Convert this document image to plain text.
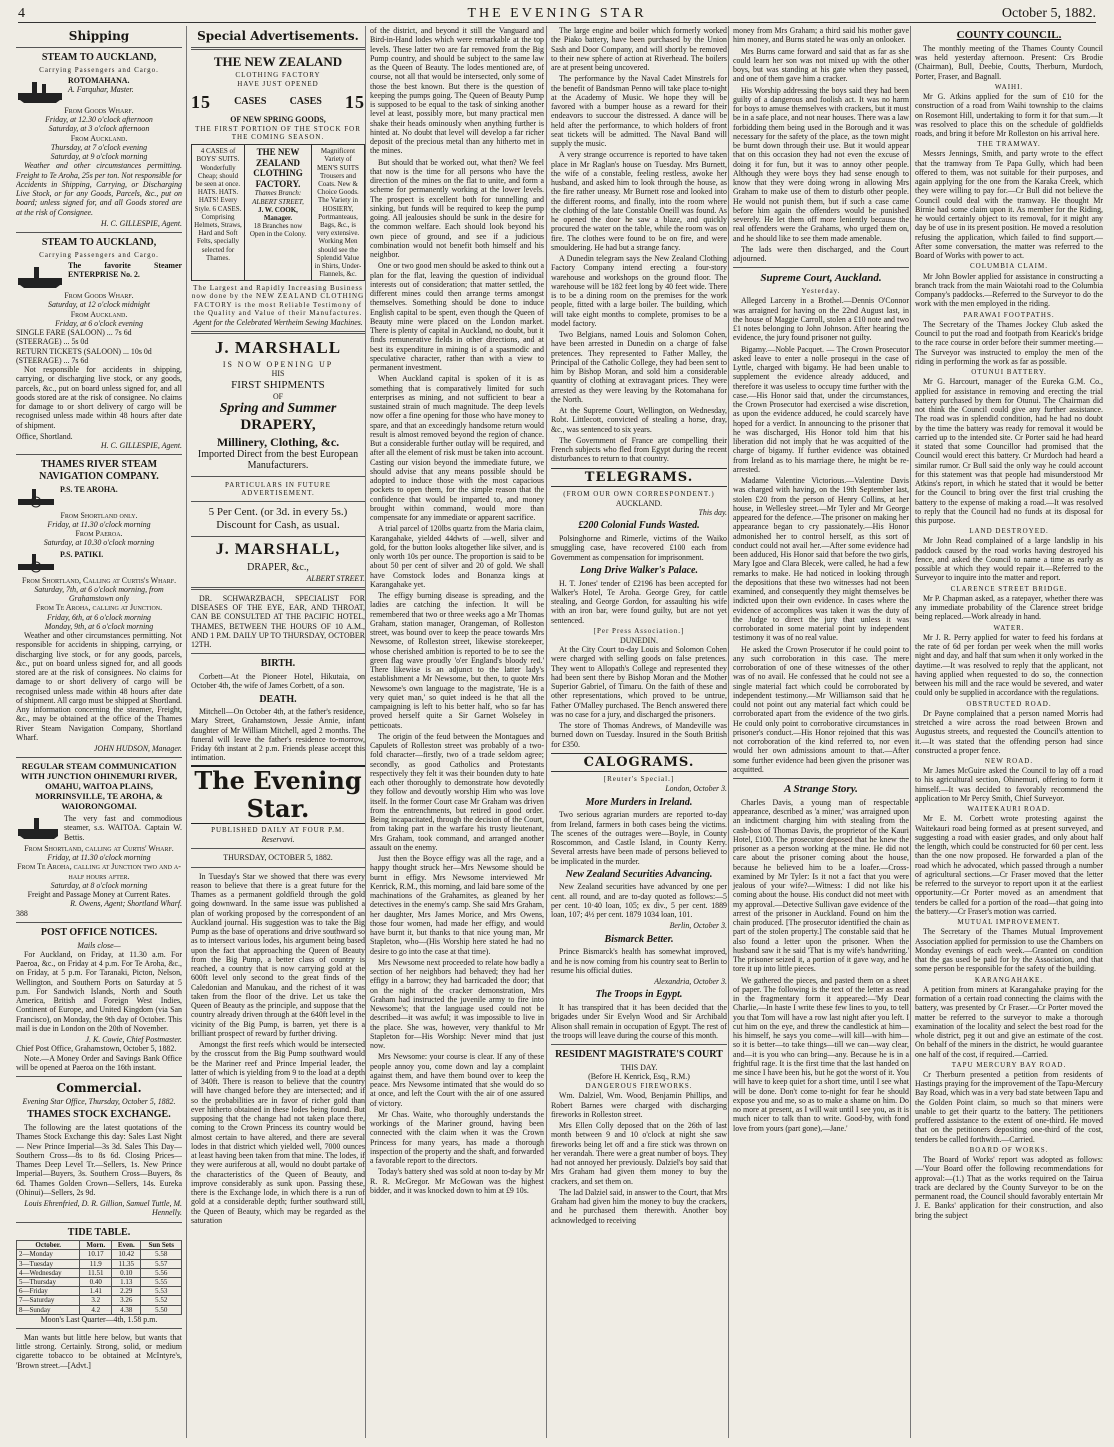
4	THE EVENING STAR	October 5, 1882.
Shipping
STEAM TO AUCKLAND,
Carrying Passengers and Cargo.
ROTOMAHANA.
A. Farquhar, Master.
From Goods Wharf.
Friday, at 12.30 o'clock afternoon
Saturday, at 3 o'clock afternoon
From Auckland.
Thursday, at 7 o'clock evening
Saturday, at 9 o'clock morning

Weather and other circumstances permitting. Freight to Te Aroha, 25s per ton. Not responsible for Accidents in Shipping, Carrying, or Discharging Live Stock, or for any Goods, Parcels, &c., put on board; unless signed for, and all Goods stored are at the risk of Consignee.

H. C. GILLESPIE, Agent.
STEAM TO AUCKLAND,
Carrying Passengers and Cargo.
The favorite Steamer ENTERPRISE No. 2.
From Goods Wharf.
Saturday, at 12 o'clock midnight
From Auckland.
Friday, at 6 o'clock evening
SINGLE FARE (SALOON) ... 7s 6d
(STEERAGE) ... 5s 0d
RETURN TICKETS (SALOON) ... 10s 0d
(STEERAGE) ... 7s 6d

Not responsible for accidents in shipping, carrying, or discharging live stock, or any goods, parcels, &c., put on board unless signed for, and all goods stored are at the risk of consignee. No claims for damage to or short delivery of cargo will be recognised unless made within 48 hours after date of shipment.

Office, Shortland.
H. C. GILLESPIE, Agent.
THAMES RIVER STEAM NAVIGATION COMPANY.
P.S. TE AROHA.
From Shortland only.
Friday, at 11.30 o'clock morning
From Paeroa.
Saturday, at 10.30 o'clock morning
P.S. PATIKI.
From Shortland, Calling at Curtis's Wharf.
Saturday, 7th, at 6 o'clock morning, from Grahamstown only
From Te Aroha, calling at Junction.
Friday, 6th, at 6 o'clock morning
Monday, 9th, at 6 o'clock morning

Weather and other circumstances permitting. Not responsible for accidents in shipping, carrying, or discharging live stock, or for any goods, parcels, &c., put on board unless signed for, and all goods stored are at the risk of consignees. No claims for damage to or short delivery of cargo will be recognised unless made within 48 hours after date of shipment. All cargo must be shipped at Shortland. Any information concerning the steamer, Freight, &c., may be obtained at the office of the Thames River Steam Navigation Company, Shortland Wharf.

JOHN HUDSON, Manager.
REGULAR STEAM COMMUNICATION WITH JUNCTION OHINEMURI RIVER, OMAHU, WAITOA PLAINS, MORRINSVILLE, TE AROHA, & WAIORONGOMAI.
The very fast and commodious steamer, s.s. WAITOA. Captain W. Bettis.
From Shortland, calling at Curtis' Wharf.
Friday, at 11.30 o'clock morning
From Te Aroha, calling at Junction two and a-half hours after.
Saturday, at 8 o'clock morning
Freight and Passage Money at Current Rates.
R. Owens, Agent; Shortland Wharf.
388
POST OFFICE NOTICES.
Mails close—

For Auckland, on Friday, at 11.30 a.m. For Paeroa, &c., on Friday at 4 p.m. For Te Aroha, &c., on Friday, at 5 p.m. For Taranaki, Picton, Nelson, Wellington, and Southern Ports on Saturday at 5 p.m. For Sandwich Islands, North and South America, British and Foreign West Indies, Continent of Europe, and United Kingdom (via San Francisco), on Monday, the 9th day of October. This mail is due in London on the 20th of November.

J. K. Cowie, Chief Postmaster.
Chief Post Office, Grahamstown, October 5, 1882.

Note.—A Money Order and Savings Bank Office will be opened at Paeroa on the 16th instant.

Commercial.
Evening Star Office, Thursday, October 5, 1882.
THAMES STOCK EXCHANGE.

The following are the latest quotations of the Thames Stock Exchange this day: Sales Last Night— New Prince Imperial—3s 3d. Sales This Day— Southern Cross—8s to 8s 6d. Closing Prices— Thames Deep Level Tr.—Sellers, 1s. New Prince Imperial—Buyers, 3s. Southern Cross—Buyers, 8s 6d. Thames Golden Crown—Sellers, 14s. Eureka (Ohinui)—Sellers, 2s 9d.

Louis Ehrenfried, D. R. Gillion, Samuel Tuttle, M. Hennelly.
TIDE TABLE.
October.	Morn.	Even.	Sun Sets
2—Monday	10.17	10.42	5.58
3—Tuesday	11.9	11.35	5.57
4—Wednesday	11.51	0.10	5.56
5—Thursday	0.40	1.13	5.55
6—Friday	1.41	2.29	5.53
7—Saturday	3.2	3.26	5.52
8—Sunday	4.2	4.38	5.50
Moon's Last Quarter—4th, 1.58 p.m.

Man wants but little here below, but wants that little strong. Certainly. Strong, solid, or medium cigarette tobacco to be obtained at McIntyre's, 'Brown street.—[Advt.]

Special Advertisements.
THE NEW ZEALAND
CLOTHING FACTORY
HAVE JUST OPENED
15 CASES CASES 15
OF NEW SPRING GOODS,
THE FIRST PORTION OF THE STOCK FOR THE COMING SEASON.
4 CASES of BOYS' SUITS. Wonderfully Cheap; should be seen at once. HATS. HATS. HATS! Every Style. 6 CASES. Comprising Helmets, Straws, Hard and Soft Felts, specially selected for Thames.
THE NEW ZEALAND CLOTHING FACTORY.
Thames Branch: ALBERT STREET,
J. W. COOK, Manager.
18 Branches now Open in the Colony.
Magnificent Variety of MEN'S SUITS Trousers and Coats. New & Choice Goods. The Variety in HOSIERY, Portmanteaus, Bags, &c., is very extensive. Working Men should see the Splendid Value in Shirts, Under-Flannels, &c.
The Largest and Rapidly Increasing Business now done by the NEW ZEALAND CLOTHING FACTORY is the most Reliable Testimony of the Quality and Value of their Manufactures.
Agent for the Celebrated Wertheim Sewing Machines.
J. MARSHALL
IS NOW OPENING UP
HIS
FIRST SHIPMENTS
OF
Spring and Summer
DRAPERY,
Millinery, Clothing, &c.
Imported Direct from the best European Manufacturers.
PARTICULARS IN FUTURE ADVERTISEMENT.
5 Per Cent. (or 3d. in every 5s.) Discount for Cash, as usual.
J. MARSHALL,
DRAPER, &c.,
ALBERT STREET.

DR. SCHWARZBACH, SPECIALIST FOR DISEASES OF THE EYE, EAR, AND THROAT, CAN BE CONSULTED AT THE PACIFIC HOTEL, THAMES, BETWEEN THE HOURS OF 10 A.M., AND 1 P.M. DAILY UP TO THURSDAY, OCTOBER 12TH.

BIRTH.

Corbett—At the Pioneer Hotel, Hikutaia, on October 4th, the wife of James Corbett, of a son.

DEATH.

Mitchell—On October 4th, at the father's residence, Mary Street, Grahamstown, Jessie Annie, infant daughter of Mr William Mitchell, aged 2 months. The funeral will leave the father's residence to-morrow, Friday 6th instant at 2 p.m. Friends please accept this intimation.

The Evening Star.
PUBLISHED DAILY AT FOUR P.M.
Reservavi.
THURSDAY, OCTOBER 5, 1882.

In Tuesday's Star we showed that there was every reason to believe that there is a great future for the Thames as a permanent goldfield through the gold going downward. In the same issue was published a plan of working proposed by the correspondent of an Auckland journal. His suggestion was to take the Big Pump as the base of operations and drive southward so as to intersect various lodes, his argument being based upon the fact that approaching the Queen of Beauty from the Big Pump, a better class of country is reached, a country that is now carrying gold at the 600ft level only second to the great finds of the Caledonian and Manukau, and the richest of it was taken from the floor of the drive. Let us take the Queen of Beauty as the principle, and suppose that the country already driven through at the 640ft level in the vicinity of the Big Pump, is barren, yet there is a brilliant prospect of reward by further driving.

Amongst the first reefs which would be intersected by the crosscut from the Big Pump southward would be the Mariner reef and Prince Imperial leader, the latter of which is yielding from 9 to the load at a depth of 340ft. There is reason to believe that the country will have changed before they are intersected; and if so the probabilities are in favor of richer gold than ever hitherto obtained in these lodes being found. But supposing that the change had not taken place there, coming to the Crown Princess its country would be almost certain to have altered, and there are several lodes in that district which yielded well, 7000 ounces at least having been taken from that mine. The lodes, if they were auriferous at all, would no doubt partake of the characteristics of the Queen of Beauty, and improve considerably as sunk upon. Passing these, there is the Exchange lode, in which there is a run of gold at a considerable depth; further southward still, the Queen of Beauty, which may be regarded as the saturation

of the district, and beyond it still the Vanguard and Bird-in-Hand lodes which were remarkable at the top levels. These latter two are far removed from the Big Pump country, and should be subject to the same law as the Queen of Beauty. The lodes mentioned are, of course, not all that would be intersected, only some of those the best known. But there is the question of keeping the pumps going. The Queen of Beauty Pump is supposed to be equal to the task of sinking another level at least, possibly more, but many practical men shake their heads ominously when anything further is hinted at. No doubt that level will develop a far richer deposit of the precious metal than any hitherto met in the mines.

But should that be worked out, what then? We feel that now is the time for all persons who have the direction of the mines on the flat to unite, and form a scheme for permanently working at the lower levels. The prospect is excellent both for tunnelling and sinking, but funds will be required to keep the pump going. All jealousies should be sunk in the desire for the common welfare. Each should look beyond his own piece of ground, and see if a judicious combination would not benefit both himself and his neighbor.

One or two good men should be asked to think out a plan for the flat, leaving the question of individual interests out of consideration; that matter settled, the different mines could then arrange terms amongst themselves. Something should be done to induce English capital to be spent, even though the Queen of Beauty mine were placed on the London market. There is plenty of capital in Auckland, no doubt, but it finds remunerative fields in other directions, and at best its expenditure in mining is of a spasmodic and speculative character, rather than with a view to permanent investment.

When Auckland capital is spoken of it is as something that is comparatively limited for such enterprises as mining, and not sufficient to bear a sustained strain of much magnitude. The deep levels now offer a fine opening for those who have money to spare, and that an exceedingly handsome return would result is almost removed beyond the region of chance. But a considerable further outlay will be required, and after all the element of risk must be taken into account. Casting our vision beyond the immediate future, we should advise that any means possible should be adopted to induce those with the most capacious pockets to open them, for the simple reason that the confidence that would be imparted to, and money brought within command, would more than compensate for any immediate or apparent sacrifice.

A trial parcel of 120lbs quartz from the Maria claim, Karangahake, yielded 44dwts of —well, silver and gold, for the button looks altogether like silver, and is only worth 10s per ounce. The proportion is said to be about 50 per cent of silver and 20 of gold. We shall have Comstock lodes and Bonanza kings at Karangahake yet.

The effigy burning disease is spreading, and the ladies are catching the infection. It will be remembered that two or three weeks ago a Mr Thomas Graham, station manager, Orangeman, of Rolleston street, was bound over to keep the peace towards Mrs Newsome, of Rolleston street, likewise storekeeper, whose cherished ambition is reported to be to see the green flag wave proudly 'o'er England's bloody red.' There likewise is an adjunct to the latter lady's establishment a Mr Newsome, but then, to quote Mrs Newsome's own language to the magistrate, 'He is a very quiet man,' so quiet indeed is he that all the campaigning is left to his better half, who so far has proved herself quite a Sir Garnet Wolseley in petticoats.

The origin of the feud between the Montagues and Capulets of Rolleston street was probably of a two-fold character—firstly, two of a trade seldom agree; secondly, as good Catholics and Protestants respectively they felt it was their bounden duty to hate each other thoroughly to demonstrate how devotedly they follow and devoutly worship Him who was love itself. In the former Court case Mr Graham was driven from the entrenchments, but retired in good order. Being incapacitated, through the decision of the Court, from taking part in the warfare his trusty lieutenant, Mrs Graham, took command, and arranged another assault on the enemy.

Just then the Boyce effigy was all the rage, and a happy thought struck her—Mrs Newsome should be burnt in effigy. Mrs Newsome interviewed Mr Kenrick, R.M., this morning, and laid bare some of the machinations of the Grahamites, as gleaned by her detectives in the enemy's camp. She said Mrs Graham, her daughter, Mrs James Morice, and Mrs Owens, those four women, had made her effigy, and would have burnt it, but thanks to that nice young man, Mr Stapleton, who—(His Worship here stated he had no desire to go into the case at that time).

Mrs Newsome next proceeded to relate how badly a section of her neighbors had behaved; they had her effigy in a barrow; they had barricaded the door; that on the night of the cracker demonstration, Mrs Graham had instructed the juvenile army to fire into Newsome's; that the language used could not be described—it was awful; it was impossible to live in the place. She was, however, very thankful to Mr Stapleton for—His Worship: Never mind that just now.

Mrs Newsome: your course is clear. If any of these people annoy you, come down and lay a complaint against them, and have them bound over to keep the peace. Mrs Newsome intimated that she would do so at once, and left the Court with the air of one assured of victory.

Mr Chas. Waite, who thoroughly understands the workings of the Mariner ground, having been connected with the claim when it was the Crown Princess for many years, has made a thorough inspection of the property and the shaft, and forwarded a favorable report to the directors.

Today's battery shed was sold at noon to-day by Mr R. R. McGregor. Mr McGowan was the highest bidder, and it was knocked down to him at £9 10s.

The large engine and boiler which formerly worked the Piako battery, have been purchased by the Union Sash and Door Company, and will shortly be removed to their new sphere of action at Riverhead. The boilers are at present being uncovered.

The performance by the Naval Cadet Minstrels for the benefit of Bandsman Penno will take place to-night at the Academy of Music. We hope they will be favored with a bumper house as a reward for their endeavors to succour the distressed. A dance will be held after the performance, to which holders of front seat tickets will be admitted. The Naval Band will supply the music.

A very strange occurrence is reported to have taken place in Mr Raglan's house on Tuesday. Mrs Burnett, the wife of a constable, feeling restless, awoke her husband, and asked him to look through the house, as the fire rather uneasy. Mr Burnett rose and looked into the different rooms, and finally, into the room where the clothing of the late Constable Oneill was found. As he opened the door he saw a blaze, and quickly procured the water on the table, while the room was on fire. The clothes were found to be on fire, and were smouldering. He had but a strange fancy.

A Dunedin telegram says the New Zealand Clothing Factory Company intend erecting a four-story warehouse and workshops on the ground floor. The warehouse will be 182 feet long by 40 feet wide. There is to be a dining room on the premises for the work people, fitted with a large boiler. The building, which will take eight months to complete, promises to be a model factory.

Two Belgians, named Louis and Solomon Cohen, have been arrested in Dunedin on a charge of false pretences. They represented to Father Malley, the Principal of the Catholic College, they had been sent to him by Bishop Moran, and sold him a considerable quantity of clothing at extravagant prices. They were arrested as they were leaving by the Rotomahana for the North.

At the Supreme Court, Wellington, on Wednesday, Robt. Littlecott, convicted of stealing a horse, dray, &c., was sentenced to six years.

The Government of France are compelling their French subjects who fled from Egypt during the recent disturbances to return to that country.

TELEGRAMS.
(FROM OUR OWN CORRESPONDENT.)
AUCKLAND.
This day.
£200 Colonial Funds Wasted.

Polsinghorne and Rimerle, victims of the Waiko smuggling case, have recovered £100 each from Government as compensation for imprisonment.

Long Drive Walker's Palace.

H. T. Jones' tender of £2196 has been accepted for Walker's Hotel, Te Aroha. George Grey, for cattle stealing, and George Gordon, for assaulting his wife with an iron bar, were found guilty, but are not yet sentenced.

[Per Press Association.]
DUNEDIN.

At the City Court to-day Louis and Solomon Cohen were charged with selling goods on false pretences. They went to Allopath's College and represented they had been sent there by Bishop Moran and the Mother Superior Gabriel, of Timaru. On the faith of these and other representations, which proved to be untrue, Father O'Malley purchased. The Bench answered there was no case for a jury, and discharged the prisoners.

The store of Thomas Andrews, of Mandeville was burned down on Tuesday. Insured in the South British for £350.

CALOGRAMS.
[Reuter's Special.]
London, October 3.
More Murders in Ireland.

Two serious agrarian murders are reported to-day from Ireland, farmers in both cases being the victims. The scenes of the outrages were—Boyle, in County Roscommon, and Castle Island, in County Kerry. Several arrests have been made of persons believed to be implicated in the murder.

New Zealand Securities Advancing.

New Zealand securities have advanced by one per cent. all round, and are to-day quoted as follows:—5 per cent. 10·40 loan, 105; ex div., 5 per cent. 1889 loan, 107; 4½ per cent. 1879 1034 loan, 101.

Berlin, October 3.
Bismarck Better.

Prince Bismarck's health has somewhat improved, and he is now coming from his country seat to Berlin to resume his official duties.

Alexandria, October 3.
The Troops in Egypt.

It has transpired that it has been decided that the brigades under Sir Evelyn Wood and Sir Archibald Alison shall remain in occupation of Egypt. The rest of the troops will leave during the course of this month.

RESIDENT MAGISTRATE'S COURT
THIS DAY.
(Before H. Kenrick, Esq., R.M.)
DANGEROUS FIREWORKS.

Wm. Dalziel, Wm. Wood, Benjamin Phillips, and Robert Barnes were charged with discharging fireworks in Rolleston street.

Mrs Ellen Colly deposed that on the 26th of last month between 9 and 10 o'clock at night she saw fireworks being let off and a fire stick was thrown on her verandah. There were a great number of boys. They had not annoyed her previously. Dalziel's boy said that Mrs Graham had given them money to buy the crackers, and set them on.

The lad Dalziel said, in answer to the Court, that Mrs Graham had given him the money to buy the crackers, and he purchased them therewith. Another boy acknowledged to receiving

money from Mrs Graham; a third said his mother gave him money, and Burns stated he was only an onlooker.

Mrs Burns came forward and said that as far as she could learn her son was not mixed up with the other boys, but was standing at his gate when they passed, and one of them gave him a cracker.

His Worship addressing the boys said they had been guilty of a dangerous and foolish act. It was no harm for boys to amuse themselves with crackers, but it must be in a safe place, and not near houses. There was a law forbidding them being used in the Borough and it was necessary for the safety of the place, as the town might be burnt down through their use. But it would appear that on this occasion they had not even the excuse of doing it for fun, but it was to annoy other people. Although they were boys they had sense enough to know that they were doing wrong in allowing Mrs Graham to make use of them to disturb other people. He would not punish them, but if such a case came before him again the offenders would be punished severely. He let them off more leniently because the real offenders were the Grahams, who urged them on, and he should like to see them made amenable.

The lads were then discharged, and the Court adjourned.

Supreme Court, Auckland.
Yesterday.

Alleged Larceny in a Brothel.—Dennis O'Connor was arraigned for having on the 22nd August last, in the house of Maggie Carroll, stolen a £10 note and two £1 notes belonging to John Johnson. After hearing the evidence, the jury found prisoner not guilty.

Bigamy.—Noble Pacquet. — The Crown Prosecutor asked leave to enter a nolle prosequi in the case of Lyttle, charged with bigamy. He had been unable to supplement the evidence already adduced, and therefore it was useless to occupy time further with the case.—His Honor said that, under the circumstances, the Crown Prosecutor had exercised a wise discretion, as upon the evidence adduced, he could scarcely have hoped for a verdict. In announcing to the prisoner that he was discharged, His Honor told him that his liberation did not imply that he was acquitted of the charge of bigamy. If further evidence was obtained from Ireland as to his marriage there, he might be re-arrested.

Madame Valentine Victorious.—Valentine Davis was charged with having, on the 19th September last, stolen £20 from the person of Henry Collins, at her house, in Wellesley street.—Mr Tyler and Mr George appeared for the defence.—The prisoner on making her appearance began to cry passionately.—His Honor admonished her to control herself, as this sort of conduct could not avail her.—After some evidence had been adduced, His Honor said that before the two girls, Mary Igoe and Clara Blecek, were called, he had a few remarks to make. He had noticed in looking through the depositions that these two witnesses had not been examined, and consequently they might themselves be indicted upon their own evidence. In cases where the evidence of accomplices was taken it was the duty of the Judge to direct the jury that unless it was corroborated in some material point by independent testimony it was of no real value.

He asked the Crown Prosecutor if he could point to any such corroboration in this case. The mere corroboration of one of these witnesses of the other was of no avail. He confessed that he could not see a single material fact which could be corroborated by independent testimony.—Mr Williamson said that he could not point out any material fact which could be corroborated apart from the evidence of the two girls. He could only point to corroborative circumstances in prisoner's conduct.—His Honor rejoined that this was not corroboration of the kind referred to, nor even would her own admissions amount to that.—After some further evidence had been given the prisoner was acquitted.

A Strange Story.

Charles Davis, a young man of respectable appearance, described as 'a miner,' was arraigned upon an indictment charging him with stealing from the cash-box of Thomas Davis, the proprietor of the Kauri Hotel, £100. The prosecutor deposed that he knew the prisoner as a person working at the mine. He did not care about the prisoner coming about the house, because he believed him to be a loafer.—Cross-examined by Mr Tyler: Is it not a fact that you were jealous of your wife?—Witness: I did not like his coming about the house. His conduct did not meet with my approval.—Detective Sullivan gave evidence of the arrest of the prisoner in Auckland. Found on him the chain produced. [The prosecutor identified the chain as part of the stolen property.] The constable said that he also found a letter upon the prisoner. When the husband saw it he said 'That is my wife's handwriting.' The prisoner seized it, a portion of it gave way, and he tore it up into little pieces.

We gathered the pieces, and pasted them on a sheet of paper. The following is the text of the letter as read in the fragmentary form it appeared:—'My Dear Charlie,—In haste I write these few lines to you, to tell you that Tom will have a row last night after you left. I cut him on the eye, and threw the candlestick at him—his himself, he says you come—will kill—with him—so it is better—to take things—till we can—way clear, and—it is you who can bring—any. Because he is in a frightful rage. It is the first time that the last handed on me since I have been his, but he got the worst of it. You will have to keep quiet for a short time, until I see what will be done. Don't come to-night for fear he should expose you and me, so as to make a shame on him. Do no more at present, as I will wait until I see you, as it is much nicer to talk than to write. Good-by, with fond love from yours (part gone),—Jane.'

COUNTY COUNCIL.

The monthly meeting of the Thames County Council was held yesterday afternoon. Present: Crs Brodie (Chairman), Bull, Deebie, Coutts, Therburn, Murdoch, Porter, Fraser, and Bagnall.

WAIHI.

Mr G. Atkins applied for the sum of £10 for the construction of a road from Waihi township to the claims on Rosemont Hill, undertaking to form it for that sum.—It was resolved to place this on the schedule of goldfields roads, and bring it before Mr Rolleston on his arrival here.

THE TRAMWAY.

Messrs Jennings, Smith, and party wrote to the effect that the tramway from Te Papa Gully, which had been offered to them, was not suitable for their purposes, and again applying for the one from the Karaka Creek, which they were willing to pay for.—Cr Bull did not believe the Council could deal with the tramway. He thought Mr Birnie had some claim upon it. As member for the Riding, he would certainly object to its removal, for it might any day be of use in its present position. He moved a resolution refusing the application, which failed to find support.—After some conversation, the matter was referred to the Board of Works with power to act.

COLUMBIA CLAIM.

Mr John Bowler applied for assistance in constructing a branch track from the main Waiotahi road to the Columbia Company's paddocks.—Referred to the Surveyor to do the work with the men employed in the riding.

PARAWAI FOOTPATHS.

The Secretary of the Thames Jockey Club asked the Council to put the road and footpath from Kearick's bridge to the race course in order before their summer meeting.—The Surveyor was instructed to employ the men of the riding in performing the work as far as possible.

OTUNUI BATTERY.

Mr G. Harcourt, manager of the Eureka G.M. Co., applied for assistance in removing and erecting the trial battery purchased by them for Otunui. The Chairman did not think the Council could give any further assistance. The road was in splendid condition, had he had no doubt by the time the battery was ready for removal it would be carried up to the intended site. Cr Porter said he had heard it stated that some Councillor had promised that the Council would erect this battery. Cr Murdoch had heard a similar rumor. Cr Bull said the only way he could account for this statement was that people had misunderstood Mr Atkins's report, in which he stated that it would be better for the Council to bring over the first trial crushing the battery to the expense of making a road.—It was resolved to reply that the Council had no funds at its disposal for this purpose.

LAND DESTROYED.

Mr John Read complained of a large landslip in his paddock caused by the road works having destroyed his fence, and asked the Council to name a time as early as possible at which they would repair it.—Referred to the Surveyor to inquire into the matter and report.

CLARENCE STREET BRIDGE.

Mr P. Chapman asked, as a ratepayer, whether there was any immediate probability of the Clarence street bridge being replaced.—Work already in hand.

WATER.

Mr J. R. Perry applied for water to feed his fordans at the rate of 6d per fordan per week when the mill works night and day, and half that sum when it only worked in the daytime.—It was resolved to reply that the applicant, not having applied when requested to do so, the connection between his mill and the race would be severed, and water could only be supplied in accordance with the regulations.

OBSTRUCTED ROAD.

Dr Payne complained that a person named Morris had stretched a wire across the road between Brown and Augustus streets, and requested the Council's attention to it.—It was stated that the offending person had since constructed a proper fence.

NEW ROAD.

Mr James McGuire asked the Council to lay off a road to his agricultural section, Ohinemuri, offering to form it himself.—It was decided to favorably recommend the application to Mr Percy Smith, Chief Surveyor.

WAITEKAURI ROAD.

Mr E. M. Corbett wrote protesting against the Waitekauri road being formed as at present surveyed, and suggesting a road with easier grades, and only about half the length, which could be constructed for 60 per cent. less than the one now proposed. He forwarded a plan of the road which he advocated, which passed through a number of agricultural sections.—Cr Fraser moved that the letter be referred to the surveyor to report upon it at the earliest opportunity.—Cr Porter moved as an amendment that tenders be called for a portion of the road—that going into the battery.—Cr Fraser's motion was carried.

MUTUAL IMPROVEMENT.

The Secretary of the Thames Mutual Improvement Association applied for permission to use the Chambers on Monday evenings of each week.—Granted on condition that the gas used be paid for by the Association, and that some person be responsible for the safety of the building.

KARANGAHAKE.

A petition from miners at Karangahake praying for the formation of a certain road connecting the claims with the battery, was presented by Cr Fraser.—Cr Porter moved the matter be referred to the surveyor to make a thorough examination of the locality and select the best road for the whole district, peg it out and give an estimate of the cost. On behalf of the miners in the district, he would guarantee one half of the cost, if required.—Carried.

TAPU MERCURY BAY ROAD.

Cr Therburn presented a petition from residents of Hastings praying for the improvement of the Tapu-Mercury Bay Road, which was in a very bad state between Tapu and the Golden Point claim, so much so that miners were unable to get their quartz to the battery. The petitioners proffered assistance to the extent of one-third. He moved that on the petitioners depositing one-third of the cost, tenders be called forthwith.—Carried.

BOARD OF WORKS.

The Board of Works' report was adopted as follows:—'Your Board offer the following recommendations for approval:—(1.) That as the works required on the Tairua track are declared by the County Surveyor to be on the permanent road, the Council should favorably entertain Mr J. E. Banks' application for their construction, and also bring the subject
